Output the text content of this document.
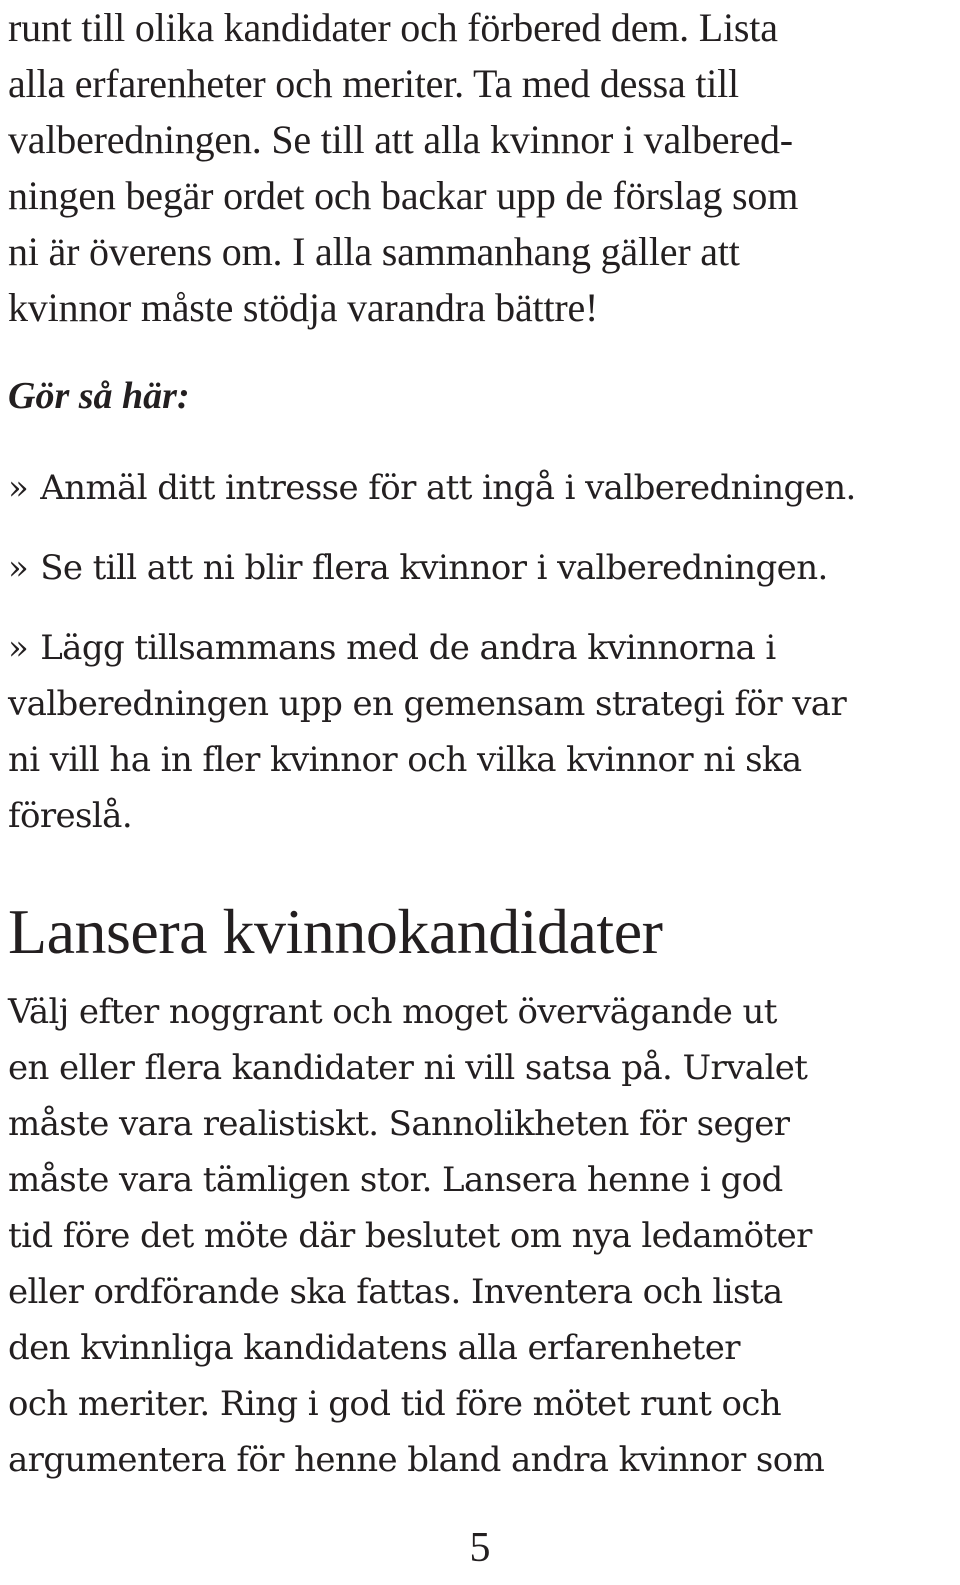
runt till olika kandidater och förbered dem. Lista
alla erfarenheter och meriter. Ta med dessa till
valberedningen. Se till att alla kvinnor i valbered-
ningen begär ordet och backar upp de förslag som
ni är överens om. I alla sammanhang gäller att
kvinnor måste stödja varandra bättre!

Gör så här:
» Anmäl ditt intresse för att ingå i valberedningen.
» Se till att ni blir flera kvinnor i valberedningen.
» Lägg tillsammans med de andra kvinnorna i
valberedningen upp en gemensam strategi för var
ni vill ha in fler kvinnor och vilka kvinnor ni ska
föreslå.
Lansera kvinnokandidater

Välj efter noggrant och moget övervägande ut
en eller flera kandidater ni vill satsa på. Urvalet
måste vara realistiskt. Sannolikheten för seger
måste vara tämligen stor. Lansera henne i god
tid före det möte där beslutet om nya ledamöter
eller ordförande ska fattas. Inventera och lista
den kvinnliga kandidatens alla erfarenheter
och meriter. Ring i god tid före mötet runt och
argumentera för henne bland andra kvinnor som

5
